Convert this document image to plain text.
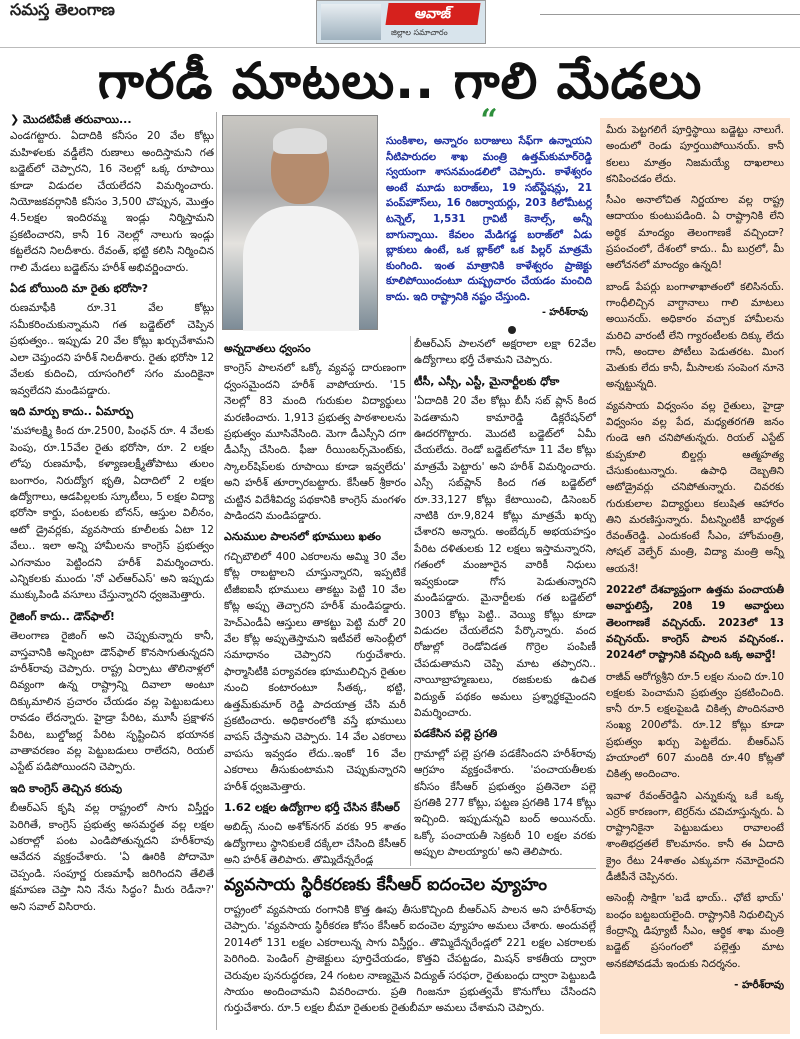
సమస్త తెలంగాణ	ఆవాజ్
జిల్లాల సమాచారం
గారడీ మాటలు.. గాలి మేడలు
❯ మొదటిపేజీ తరువాయి...

ఎండగట్టారు. ఏదాదికి కనీసం 20 వేల కోట్లు మహిళలకు వడ్డీలేని రుణాలు అందిస్తామని గత బడ్జెట్‌లో చెప్పారని, 16 నెలల్లో ఒక్క రూపాయి కూడా విడుదల చేయలేదని విమర్శించారు. నియోజకవర్గానికి కనీసం 3,500 చొప్పున, మొత్తం 4.5లక్షల ఇందిరమ్మ ఇండ్లు నిర్మిస్తామని ప్రకటించారని, కానీ 16 నెలల్లో నాలుగు ఇండ్లు కట్టలేదని నిలదీశారు. రేవంత్, భట్టి కలిసి నిర్మించిన గాలి మేడలు బడ్జెట్‌ను హరీశ్ అభివర్ణించారు.

ఏడ బోయింది మా రైతు భరోసా?

రుణమాఫీకి రూ.31 వేల కోట్లు సమీకరించుకున్నామని గత బడ్జెట్‌లో చెప్పిన ప్రభుత్వం.. ఇప్పుడు 20 వేల కోట్లు ఖర్చుచేశామని ఎలా చెప్తుందని హరీశ్ నిలదీశారు. రైతు భరోసా 12 వేలకు కుదించి, యాసంగిలో సగం మందికైనా ఇవ్వలేదని మండిపడ్డారు.

ఇది మార్పు కాదు.. ఏమార్పు

'మహాలక్ష్మి కింద రూ.2500, పింఛన్ రూ. 4 వేలకు పెంపు, రూ.15వేల రైతు భరోసా, రూ. 2 లక్షల లోపు రుణమాఫీ, కళ్యాణలక్ష్మీతోపాటు తులం బంగారం, నిరుద్యోగ భృతి, ఏదాదిలో 2 లక్షల ఉద్యోగాలు, ఆడపిల్లలకు స్కూటీలు, 5 లక్షల విద్యా భరోసా కార్డు, పంటలకు బోనస్, ఆస్తుల విలీనం, ఆటో డ్రైవర్లకు, వ్యవసాయ కూలీలకు ఏటా 12 వేలు.. ఇలా అన్ని హామీలను కాంగ్రెస్ ప్రభుత్వం ఎగనామం పెట్టిందని హరీశ్ విమర్శించారు. ఎన్నికలకు ముందు 'నో ఎల్ఆర్ఎస్' అని ఇప్పుడు ముక్కుపిండి వసూలు చేస్తున్నారని ధ్వజమెత్తారు.

రైజింగ్ కాదు.. డౌన్‌ఫాల్!

తెలంగాణ రైజింగ్ అని చెప్పుకున్నారు కానీ, వాస్తవానికి అన్నింటా డౌన్‌ఫాల్ కొనసాగుతున్నదని హరీశ్‌రావు చెప్పారు. రాష్ట్ర ఏర్పాటు తొలినాళ్లలో దివ్యంగా ఉన్న రాష్ట్రాన్ని దివాలా అంటూ దిక్కుమాలిన ప్రచారం చేయడం వల్ల పెట్టుబడులు రావడం లేదన్నారు. హైడ్రా పేరిట, మూసీ ప్రక్షాళన పేరిట, బుల్డోజర్ల పేరిట సృష్టించిన భయానక వాతావరణం వల్ల పెట్టుబడులు రాలేదని, రియల్ ఎస్టేట్ పడిపోయిందని చెప్పారు.

ఇది కాంగ్రెస్ తెచ్చిన కరువు

బీఆర్ఎస్ కృషి వల్ల రాష్ట్రంలో సాగు విస్తీర్ణం పెరిగితే, కాంగ్రెస్ ప్రభుత్వ అసమర్థత వల్ల లక్షల ఎకరాల్లో పంట ఎండిపోతున్నదని హరీశ్‌రావు ఆవేదన వ్యక్తంచేశారు. 'ఏ ఊరికి పోదామో చెప్పండి. సంపూర్ణ రుణమాఫీ జరిగిందని తేలితే క్షమాపణ చెప్తా నిని నేను సిద్ధం? మీరు రెడీనా?' అని సవాల్ విసిరారు.

“
సుంకిశాల, అన్నారం బరాజులు సేఫ్‌గా ఉన్నాయని నీటిపారుదల శాఖ మంత్రి ఉత్తమ్‌కుమార్‌రెడ్డి స్వయంగా శాసనమండలిలో చెప్పారు. కాళేశ్వరం అంటే మూడు బరాజ్‌లు, 19 సబ్‌స్టేషన్లు, 21 పంప్‌హౌస్‌లు, 16 రిజర్వాయర్లు, 203 కిలోమీటర్ల టన్నెల్, 1,531 గ్రావిటీ కెనాల్స్, అన్నీ బాగున్నాయి. కేవలం మేడిగడ్డ బరాజ్‌లో ఏడు బ్లాకులు ఉంటే, ఒక బ్లాక్‌లో ఒక పిల్లర్ మాత్రమే కుంగింది. ఇంత మాత్రానికి కాళేశ్వరం ప్రాజెక్టు కూలిపోయిందంటూ దుష్ప్రచారం చేయడం మంచిది కాదు. ఇది రాష్ట్రానికి నష్టం చేస్తుంది.
- హరీశ్‌రావు
అన్నదాతలు ధ్వంసం

కాంగ్రెస్ పాలనలో ఒక్కో వ్యవస్థ దారుణంగా ధ్వంసమైందని హరీశ్ వాపోయారు. '15 నెలల్లో 83 మంది గురుకుల విద్యార్థులు మరణించారు. 1,913 ప్రభుత్వ పాఠశాలలను ప్రభుత్వం మూసివేసింది. మెగా డీఎస్సీని దగా డీఎస్సీ చేసింది. ఫీజు రీయింబర్స్‌మెంట్‌కు, స్కాలర్‌షిప్‌లకు రూపాయి కూడా ఇవ్వలేదు' అని హరీశ్ తూర్పారబట్టారు. కేసీఆర్ శ్రీకారం చుట్టిన విదేశీవిద్య పథకానికి కాంగ్రెస్ మంగళం పాడిందని మండిపడ్డారు.

ఎనుముల పాలనలో భూములు ఖతం

గచ్చిబౌలిలో 400 ఎకరాలను అమ్మి 30 వేల కోట్ల రాబట్టాలని చూస్తున్నారని, ఇప్పటికే టీజీఐఐసీ భూములు తాకట్టు పెట్టి 10 వేల కోట్ల అప్పు తెచ్చారని హరీశ్ మండిపడ్డారు. హెచ్ఎండీఏ ఆస్తులు తాకట్టు పెట్టి మరో 20 వేల కోట్ల అప్పుతెస్తామని ఇటీవలే అసెంబ్లీలో సమాధానం చెప్పారని గుర్తుచేశారు. ఫార్మాసిటీకి పర్యావరణ భూములిచ్చిన రైతుల నుంచి కంటారంటూ సీతక్క, భట్టి, ఉత్తమ్‌కుమార్ రెడ్డి పాదయాత్ర చేసి మరీ ప్రకటించారు. అధికారంలోకి వస్తే భూములు వాపస్ చేస్తామని చెప్పారు. 14 వేల ఎకరాలు వాపసు ఇవ్వడం లేదు..ఇంకో 16 వేల ఎకరాలు తీసుకుంటామని చెప్పుకున్నారని హరీశ్ ధ్వజమెత్తారు.

1.62 లక్షల ఉద్యోగాల భర్తీ చేసిన కేసీఆర్

అబిడ్స్ నుంచి అశోక్‌నగర్ వరకు 95 శాతం ఉద్యోగాలు స్థానికులకే దక్కేలా చేసింది కేసీఆర్ అని హరీశ్ తెలిపారు. తొమ్మిదేన్నరేండ్ల

బీఆర్ఎస్ పాలనలో అక్షరాలా లక్షా 62వేల ఉద్యోగాలు భర్తీ చేశామని చెప్పారు.

టీసీ, ఎస్సీ, ఎస్టీ, మైనార్టీలకు ధోకా

'ఏదాదికి 20 వేల కోట్లు బీసీ సబ్ ప్లాన్ కింద పెడతామని కామారెడ్డి డిక్లరేషన్‌లో ఊదరగొట్టారు. మొదటి బడ్జెట్‌లో ఏమీ చేయలేదు. రెండో బడ్జెట్‌లోనూ 11 వేల కోట్లు మాత్రమే పెట్టారు' అని హరీశ్ విమర్శించారు. ఎస్సీ సబ్‌ప్లాన్ కింద గత బడ్జెట్‌లో రూ.33,127 కోట్లు కేటాయించి, డిసెంబర్ నాటికి రూ.9,824 కోట్లు మాత్రమే ఖర్చు చేశారని అన్నారు. అంబేద్కర్ అభయహస్తం పేరిట దళితులకు 12 లక్షలు ఇస్తామన్నారని, గతంలో మంజూరైన వారికీ నిధులు ఇవ్వకుండా గోస పెడుతున్నారని మండిపడ్డారు. మైనార్టీలకు గత బడ్జెట్‌లో 3003 కోట్లు పెట్టి.. వెయ్యి కోట్లు కూడా విడుదల చేయలేదని పేర్కొన్నారు. వంద రోజుల్లో రెండోవిడత గొర్రెల పంపిణీ చేపడుతామని చెప్పి మాట తప్పారని.. నాయీబ్రాహ్మణులు, రజకులకు ఉచిత విద్యుత్ పథకం అమలు ప్రశ్నార్థకమైందని విమర్శించారు.

పడకేసిన పల్లె ప్రగతి

గ్రామాల్లో పల్లె ప్రగతి పడకేసిందని హరీశ్‌రావు ఆగ్రహం వ్యక్తంచేశారు. 'పంచాయతీలకు కనీసం కేసీఆర్ ప్రభుత్వం ప్రతినెలా పల్లె ప్రగతికి 277 కోట్లు, పట్టణ ప్రగతికి 174 కోట్లు ఇచ్చింది. ఇప్పుడున్నవి బంద్ అయినయ్. ఒక్కో పంచాయతీ సెక్రటరీ 10 లక్షల వరకు అప్పుల పాలయ్యారు' అని తెలిపారు.

వ్యవసాయ స్థిరీకరణకు కేసీఆర్ ఐదంచెల వ్యూహం

రాష్ట్రంలో వ్యవసాయ రంగానికి కొత్త ఊపు తీసుకొచ్చింది బీఆర్ఎస్ పాలన అని హరీశ్‌రావు చెప్పారు. 'వ్యవసాయ స్థిరీకరణ కోసం కేసీఆర్ ఐదంచెల వ్యూహం అమలు చేశారు. అందువల్లే 2014లో 131 లక్షల ఎకరాలున్న సాగు విస్తీర్ణం.. తొమ్మిదేన్నరేండ్లలో 221 లక్షల ఎకరాలకు పెరిగింది. పెండింగ్ ప్రాజెక్టులు పూర్తిచేయడం, కొత్తవి చేపట్టడం, మిషన్ కాకతీయ ద్వారా చెరువుల పునరుద్ధరణ, 24 గంటల నాణ్యమైన విద్యుత్ సరఫరా, రైతుబంధు ద్వారా పెట్టుబడి సాయం అందించామని వివరించారు. ప్రతి గింజనూ ప్రభుత్వమే కొనుగోలు చేసిందని గుర్తుచేశారు. రూ.5 లక్షల బీమా రైతులకు రైతుబీమా అమలు చేశామని చెప్పారు.

మీరు పెట్టగలిగే పూర్తిస్థాయి బడ్జెట్టు నాలుగే. అందులో రెండు పూర్తయిపోయినయ్. కానీ కలలు మాత్రం నిజమయ్యే దాఖలాలు కనిపించడం లేదు.

సీఎం అనాలోచిత నిర్ణయాల వల్ల రాష్ట్ర ఆదాయం కుంటుపడింది. ఏ రాష్ట్రానికి లేని అర్థిక మాంద్యం తెలంగాణకే వచ్చిందా? ప్రపంచంలో, దేశంలో కాదు.. మీ బుర్రలో, మీ ఆలోచనలో మాంద్యం ఉన్నది!

బాండ్ పేపర్లు బంగాళాఖాతంలో కలిసినయ్. గాంధీలిచ్చిన వాగ్దానాలు గాలి మాటలు అయినయ్. అధికారం వచ్చాక హామీలను మరిచి వారంటీ లేని గ్యారంటీలకు దిక్కు లేదు గానీ, అందాల పోటీలు పెడుతరట. మింగ మెతుకు లేదు కానీ, మీసాలకు సంపెంగ నూనె అన్నట్టున్నది.

వ్యవసాయ విధ్వంసం వల్ల రైతులు, హైడ్రా విధ్వంసం వల్ల పేద, మధ్యతరగతి జనం గుండె ఆగి చనిపోతున్నరు. రియల్ ఎస్టేట్ కుప్పకూలి బిల్డర్లు ఆత్మహత్య చేసుకుంటున్నారు. ఉపాధి దెబ్బతిని ఆటోడ్రైవర్లు చనిపోతున్నారు. చివరకు గురుకులాల విద్యార్థులు కలుషిత ఆహారం తిని మరణిస్తున్నారు. వీటన్నింటికీ బాధ్యత రేవంత్‌రెడ్డి. ఎందుకంటే సీఎం, హోంమంత్రి, సోషల్ వెల్ఫేర్ మంత్రి, విద్యా మంత్రి అన్నీ ఆయనే!

2022లో దేశవ్యాప్తంగా ఉత్తమ పంచాయతీ అవార్డులిస్తే, 20కి 19 అవార్డులు తెలంగాణకే వచ్చినయ్. 2023లో 13 వచ్చినయ్. కాంగ్రెస్ పాలన వచ్చినంక.. 2024లో రాష్ట్రానికి వచ్చింది ఒక్క అవార్డే!

రాజీవ్ ఆరోగ్యశ్రీని రూ.5 లక్షల నుంచి రూ.10 లక్షలకు పెంచామని ప్రభుత్వం ప్రకటించింది. కానీ రూ.5 లక్షలపైబడి చికిత్స పొందినవారి సంఖ్య 200లోపే. రూ.12 కోట్లు కూడా ప్రభుత్వం ఖర్చు పెట్టలేదు. బీఆర్ఎస్ హయాంలో 607 మందికి రూ.40 కోట్లతో చికిత్స అందించాం.

ఇవాళ రేవంత్‌రెడ్డిని ఎన్నుకున్న ఒకే ఒక్క ఎర్రర్ కారణంగా, టెర్రర్‌ను చవిచూస్తున్నరు. ఏ రాష్ట్రానికైనా పెట్టుబడులు రావాలంటే శాంతిభద్రతలే కొలమానం. కానీ ఈ ఏదాది క్రైం రేటు 24శాతం ఎక్కువగా నమోదైందని డీజీపీనే చెప్పినరు.

అసెంబ్లీ సాక్షిగా 'బడే భాయ్.. ఛోటే భాయ్' బంధం బట్టబయలైంది. రాష్ట్రానికి నిధులిచ్చిన కేంద్రాన్ని డిప్యూటీ సీఎం, ఆర్థిక శాఖ మంత్రి బడ్జెట్ ప్రసంగంలో పల్లెత్తు మాట అనకపోవడమే ఇందుకు నిదర్శనం.

- హరీశ్‌రావు
